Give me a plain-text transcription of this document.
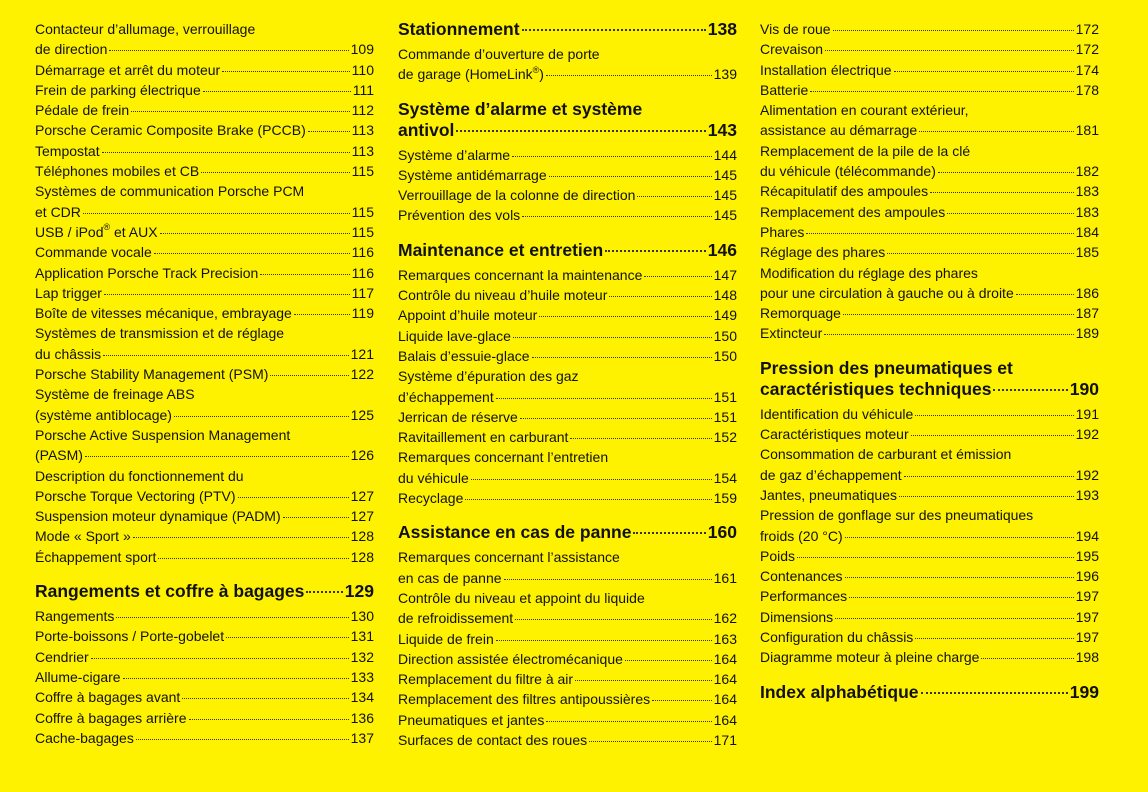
Contacteur d’allumage, verrouillage
de direction	109
Démarrage et arrêt du moteur	110
Frein de parking électrique	111
Pédale de frein	112
Porsche Ceramic Composite Brake (PCCB)	113
Tempostat	113
Téléphones mobiles et CB	115
Systèmes de communication Porsche PCM
et CDR	115
USB / iPod® et AUX	115
Commande vocale	116
Application Porsche Track Precision	116
Lap trigger	117
Boîte de vitesses mécanique, embrayage	119
Systèmes de transmission et de réglage
du châssis	121
Porsche Stability Management (PSM)	122
Système de freinage ABS
(système antiblocage)	125
Porsche Active Suspension Management
(PASM)	126
Description du fonctionnement du
Porsche Torque Vectoring (PTV)	127
Suspension moteur dynamique (PADM)	127
Mode « Sport »	128
Échappement sport	128
Rangements et coffre à bagages 129
Rangements	130
Porte-boissons / Porte-gobelet	131
Cendrier	132
Allume-cigare	133
Coffre à bagages avant	134
Coffre à bagages arrière	136
Cache-bagages	137
Stationnement	138
Commande d’ouverture de porte
de garage (HomeLink®)	139
Système d’alarme et système
antivol	143
Système d’alarme	144
Système antidémarrage	145
Verrouillage de la colonne de direction	145
Prévention des vols	145
Maintenance et entretien	146
Remarques concernant la maintenance	147
Contrôle du niveau d’huile moteur	148
Appoint d’huile moteur	149
Liquide lave-glace	150
Balais d’essuie-glace	150
Système d’épuration des gaz
d’échappement	151
Jerrican de réserve	151
Ravitaillement en carburant	152
Remarques concernant l’entretien
du véhicule	154
Recyclage	159
Assistance en cas de panne	160
Remarques concernant l’assistance
en cas de panne	161
Contrôle du niveau et appoint du liquide
de refroidissement	162
Liquide de frein	163
Direction assistée électromécanique	164
Remplacement du filtre à air	164
Remplacement des filtres antipoussières	164
Pneumatiques et jantes	164
Surfaces de contact des roues	171
Vis de roue	172
Crevaison	172
Installation électrique	174
Batterie	178
Alimentation en courant extérieur,
assistance au démarrage	181
Remplacement de la pile de la clé
du véhicule (télécommande)	182
Récapitulatif des ampoules	183
Remplacement des ampoules	183
Phares	184
Réglage des phares	185
Modification du réglage des phares
pour une circulation à gauche ou à droite	186
Remorquage	187
Extincteur	189
Pression des pneumatiques et
caractéristiques techniques	190
Identification du véhicule	191
Caractéristiques moteur	192
Consommation de carburant et émission
de gaz d’échappement	192
Jantes, pneumatiques	193
Pression de gonflage sur des pneumatiques
froids (20 °C)	194
Poids	195
Contenances	196
Performances	197
Dimensions	197
Configuration du châssis	197
Diagramme moteur à pleine charge	198
Index alphabétique	199
